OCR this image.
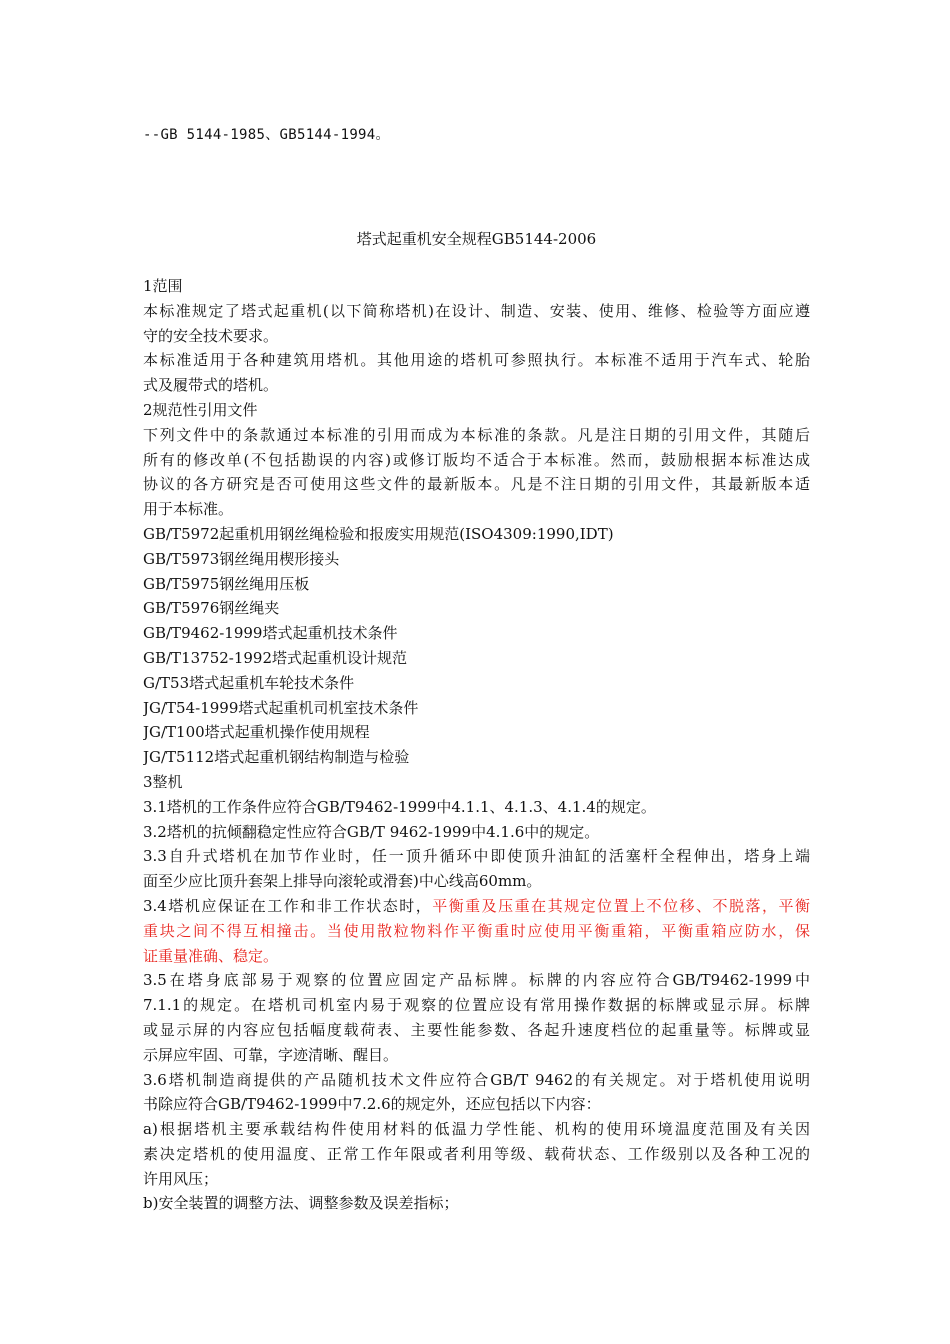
--GB 5144-1985、GB5144-1994。
塔式起重机安全规程GB5144-2006
1范围
本标准规定了塔式起重机(以下简称塔机)在设计、制造、安装、使用、维修、检验等方面应遵
守的安全技术要求。
本标准适用于各种建筑用塔机。其他用途的塔机可参照执行。本标准不适用于汽车式、轮胎
式及履带式的塔机。
2规范性引用文件
下列文件中的条款通过本标准的引用而成为本标准的条款。凡是注日期的引用文件，其随后
所有的修改单(不包括勘误的内容)或修订版均不适合于本标准。然而，鼓励根据本标准达成
协议的各方研究是否可使用这些文件的最新版本。凡是不注日期的引用文件，其最新版本适
用于本标准。
GB/T5972起重机用钢丝绳检验和报废实用规范(ISO4309:1990,IDT)
GB/T5973钢丝绳用楔形接头
GB/T5975钢丝绳用压板
GB/T5976钢丝绳夹
GB/T9462-1999塔式起重机技术条件
GB/T13752-1992塔式起重机设计规范
G/T53塔式起重机车轮技术条件
JG/T54-1999塔式起重机司机室技术条件
JG/T100塔式起重机操作使用规程
JG/T5112塔式起重机钢结构制造与检验
3整机
3.1塔机的工作条件应符合GB/T9462-1999中4.1.1、4.1.3、4.1.4的规定。
3.2塔机的抗倾翻稳定性应符合GB/T 9462-1999中4.1.6中的规定。
3.3自升式塔机在加节作业时，任一顶升循环中即使顶升油缸的活塞杆全程伸出，塔身上端
面至少应比顶升套架上排导向滚轮或滑套)中心线高60mm。
3.4塔机应保证在工作和非工作状态时，平衡重及压重在其规定位置上不位移、不脱落，平衡
重块之间不得互相撞击。当使用散粒物料作平衡重时应使用平衡重箱，平衡重箱应防水，保
证重量准确、稳定。
3.5在塔身底部易于观察的位置应固定产品标牌。标牌的内容应符合GB/T9462-1999中
7.1.1的规定。在塔机司机室内易于观察的位置应设有常用操作数据的标牌或显示屏。标牌
或显示屏的内容应包括幅度载荷表、主要性能参数、各起升速度档位的起重量等。标牌或显
示屏应牢固、可靠，字迹清晰、醒目。
3.6塔机制造商提供的产品随机技术文件应符合GB/T 9462的有关规定。对于塔机使用说明
书除应符合GB/T9462-1999中7.2.6的规定外，还应包括以下内容：
a)根据塔机主要承载结构件使用材料的低温力学性能、机构的使用环境温度范围及有关因
素决定塔机的使用温度、正常工作年限或者利用等级、载荷状态、工作级别以及各种工况的
许用风压；
b)安全装置的调整方法、调整参数及误差指标；
